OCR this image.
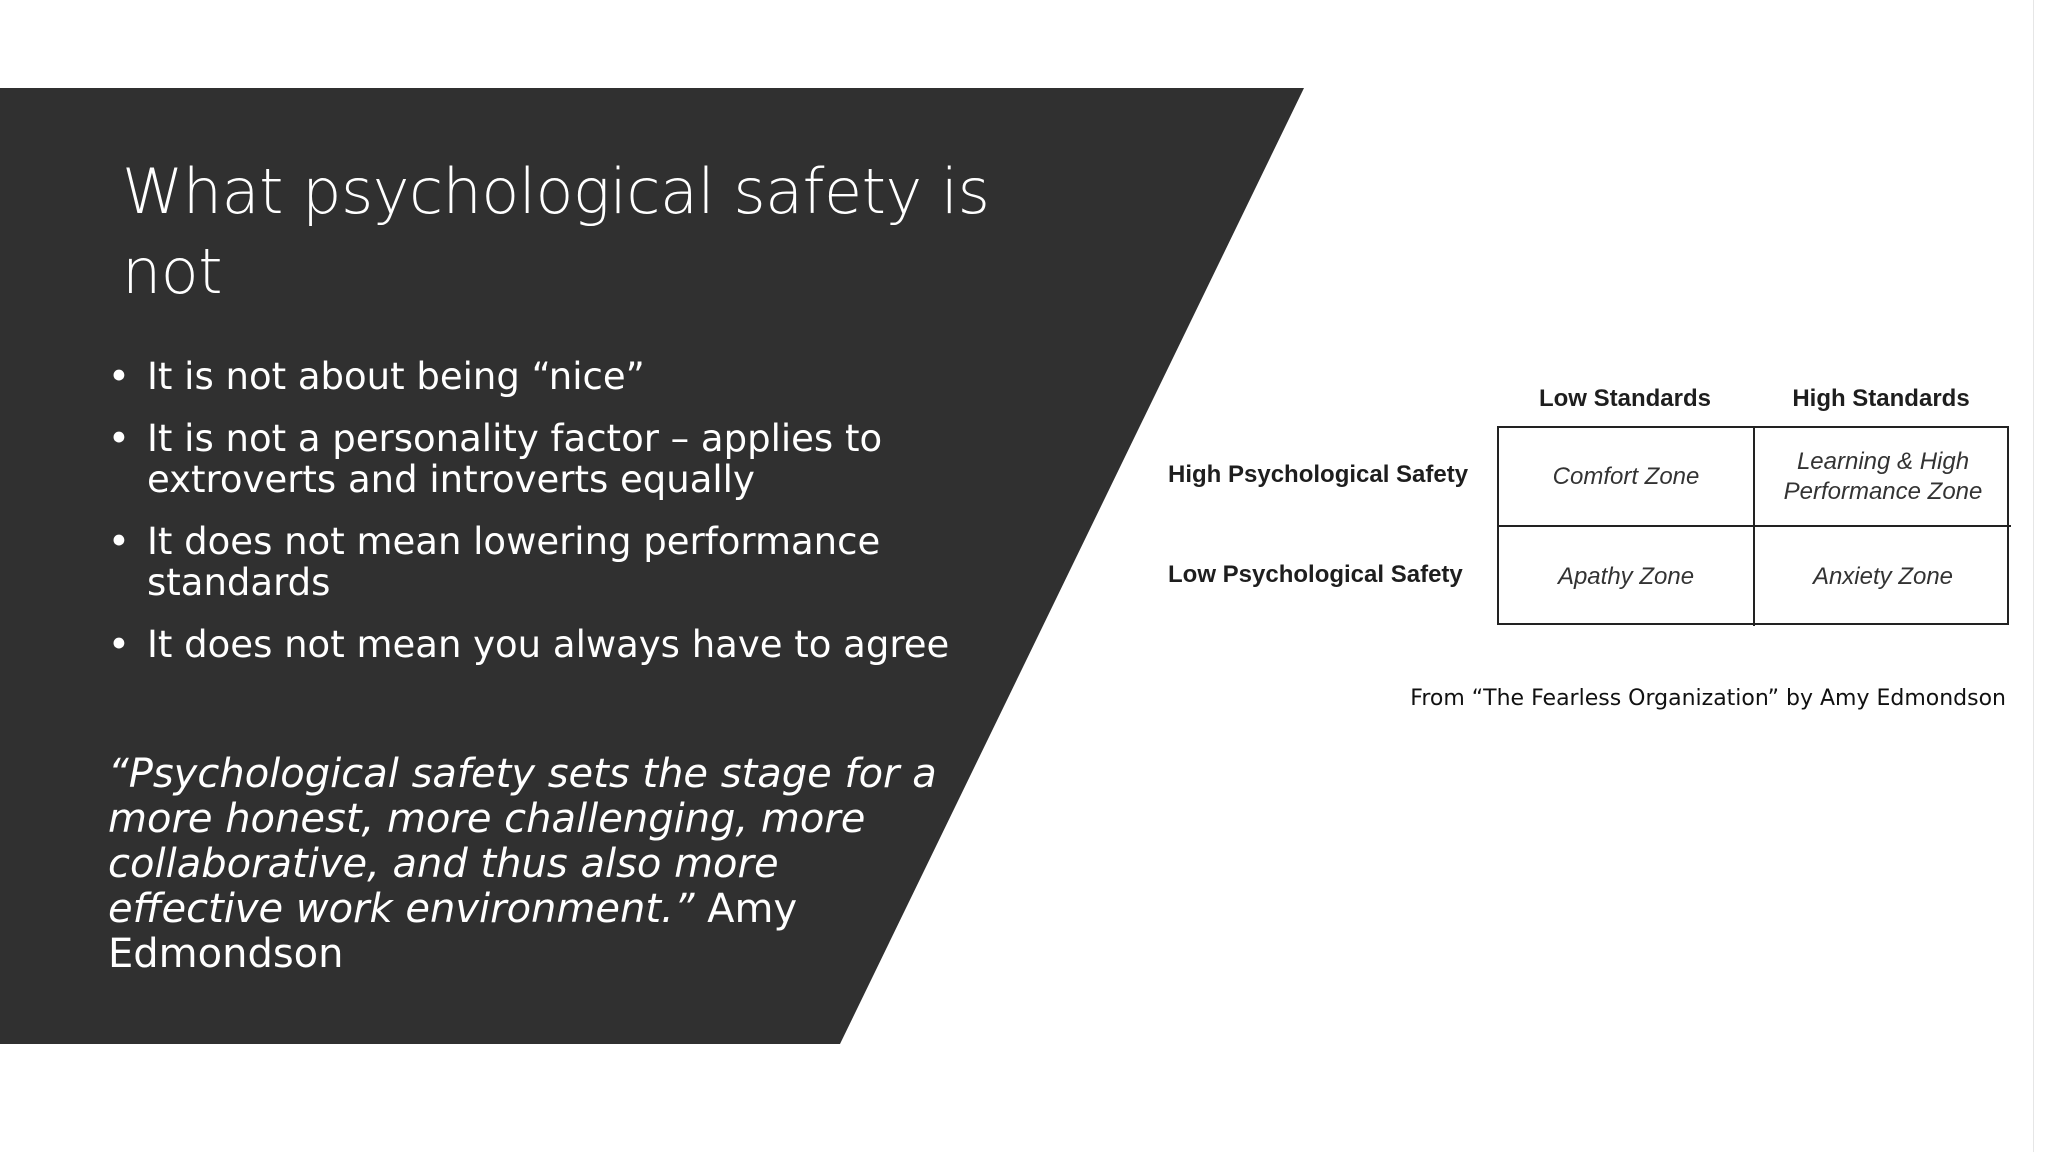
What psychological safety is not
• It is not about being “nice”
• It is not a personality factor – applies to extroverts and introverts equally
• It does not mean lowering performance standards
• It does not mean you always have to agree

“Psychological safety sets the stage for a more honest, more challenging, more collaborative, and thus also more effective work environment.” Amy Edmondson

Low Standards	High Standards
High Psychological Safety
Low Psychological Safety
Comfort Zone
Learning & High Performance Zone
Apathy Zone	Anxiety Zone
From “The Fearless Organization” by Amy Edmondson
